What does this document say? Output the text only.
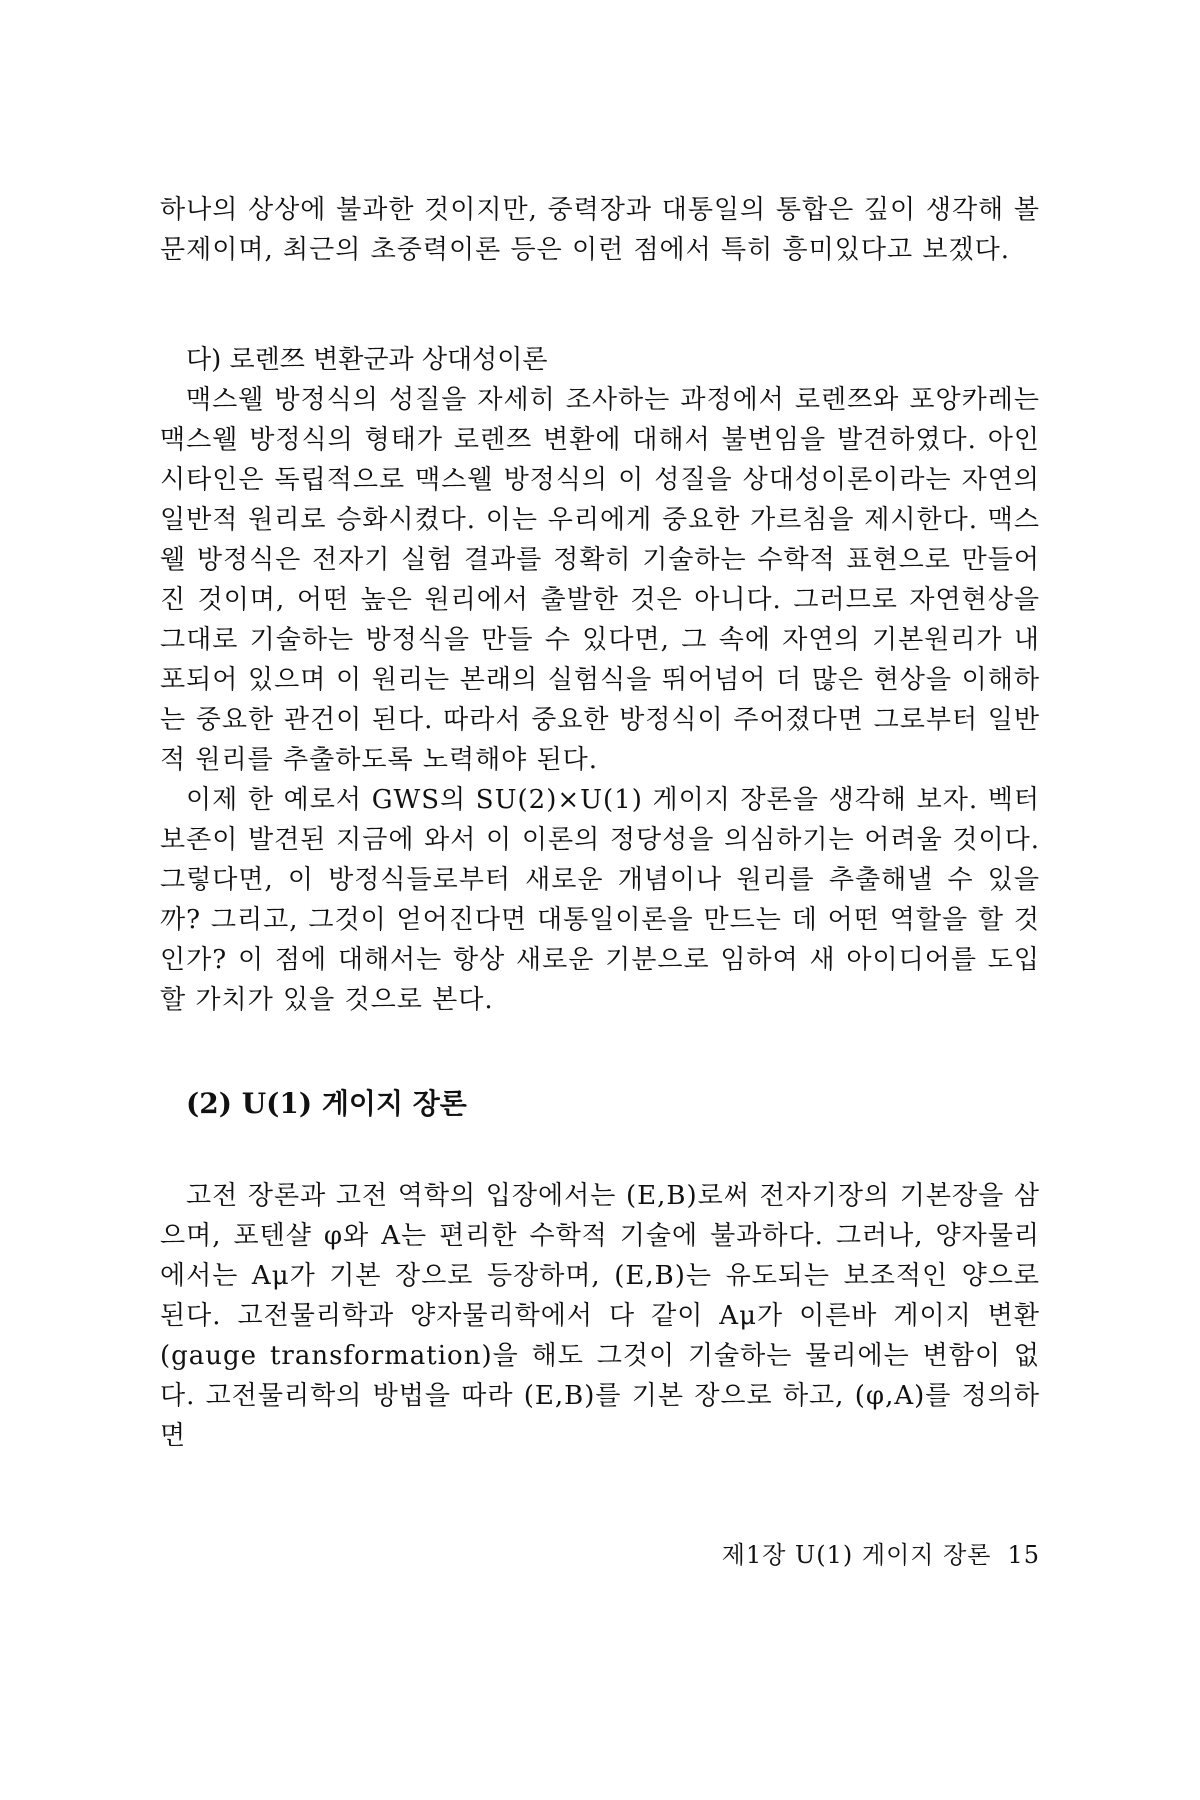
하나의 상상에 불과한 것이지만, 중력장과 대통일의 통합은 깊이 생각해 볼 문제이며, 최근의 초중력이론 등은 이런 점에서 특히 흥미있다고 보겠다.

다) 로렌쯔 변환군과 상대성이론

맥스웰 방정식의 성질을 자세히 조사하는 과정에서 로렌쯔와 포앙카레는 맥스웰 방정식의 형태가 로렌쯔 변환에 대해서 불변임을 발견하였다. 아인시타인은 독립적으로 맥스웰 방정식의 이 성질을 상대성이론이라는 자연의 일반적 원리로 승화시켰다. 이는 우리에게 중요한 가르침을 제시한다. 맥스웰 방정식은 전자기 실험 결과를 정확히 기술하는 수학적 표현으로 만들어진 것이며, 어떤 높은 원리에서 출발한 것은 아니다. 그러므로 자연현상을 그대로 기술하는 방정식을 만들 수 있다면, 그 속에 자연의 기본원리가 내포되어 있으며 이 원리는 본래의 실험식을 뛰어넘어 더 많은 현상을 이해하는 중요한 관건이 된다. 따라서 중요한 방정식이 주어졌다면 그로부터 일반적 원리를 추출하도록 노력해야 된다.

이제 한 예로서 GWS의 SU(2)×U(1) 게이지 장론을 생각해 보자. 벡터보존이 발견된 지금에 와서 이 이론의 정당성을 의심하기는 어려울 것이다. 그렇다면, 이 방정식들로부터 새로운 개념이나 원리를 추출해낼 수 있을까? 그리고, 그것이 얻어진다면 대통일이론을 만드는 데 어떤 역할을 할 것인가? 이 점에 대해서는 항상 새로운 기분으로 임하여 새 아이디어를 도입할 가치가 있을 것으로 본다.

(2) U(1) 게이지 장론

고전 장론과 고전 역학의 입장에서는 (E,B)로써 전자기장의 기본장을 삼으며, 포텐샬 φ와 A는 편리한 수학적 기술에 불과하다. 그러나, 양자물리에서는 Aμ가 기본 장으로 등장하며, (E,B)는 유도되는 보조적인 양으로 된다. 고전물리학과 양자물리학에서 다 같이 Aμ가 이른바 게이지 변환(gauge transformation)을 해도 그것이 기술하는 물리에는 변함이 없다. 고전물리학의 방법을 따라 (E,B)를 기본 장으로 하고, (φ,A)를 정의하면

제1장 U(1) 게이지 장론 15
